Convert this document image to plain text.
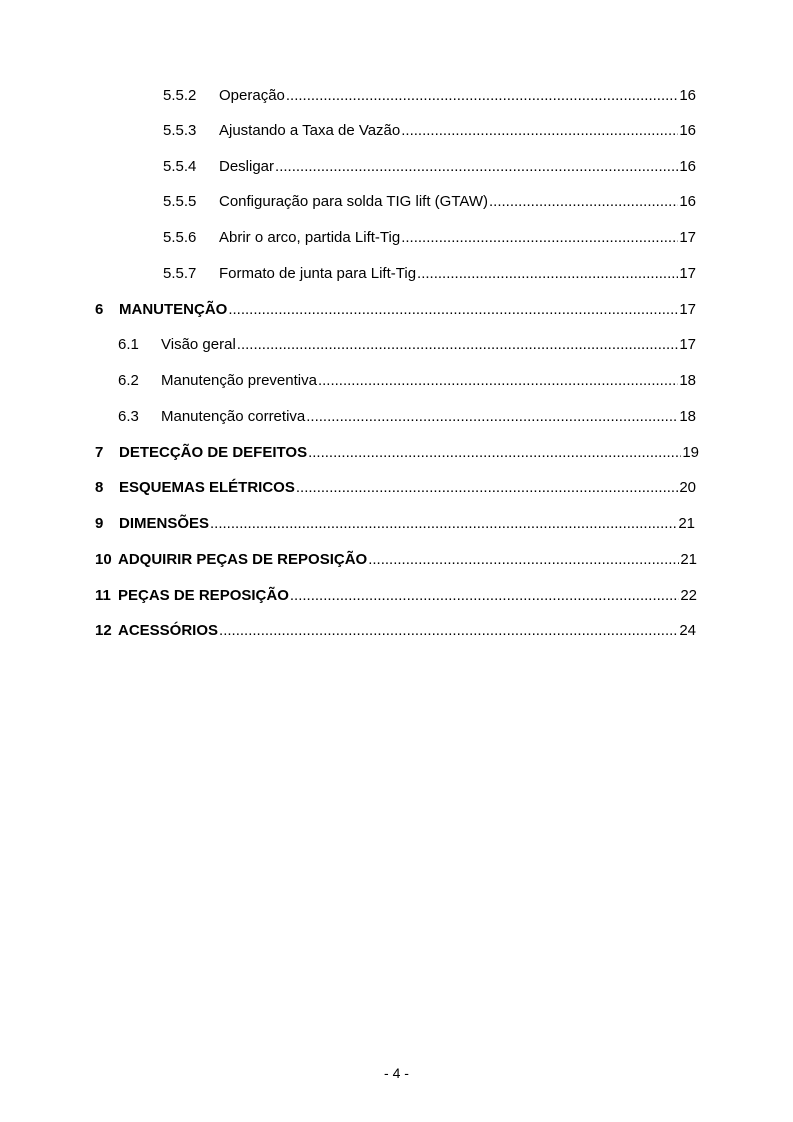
5.5.2	Operação .....	16
5.5.3	Ajustando a Taxa de Vazão .....	16
5.5.4	Desligar .....	16
5.5.5	Configuração para solda TIG lift (GTAW) .....	16
5.5.6	Abrir o arco, partida Lift-Tig .....	17
5.5.7	Formato de junta para Lift-Tig .....	17
6	MANUTENÇÃO .....	17
6.1	Visão geral .....	17
6.2	Manutenção preventiva .....	18
6.3	Manutenção corretiva .....	18
7	DETECÇÃO DE DEFEITOS .....	19
8	ESQUEMAS ELÉTRICOS .....	20
9	DIMENSÕES .....	21
10 ADQUIRIR PEÇAS DE REPOSIÇÃO .....	21
11 PEÇAS DE REPOSIÇÃO .....	22
12 ACESSÓRIOS .....	24
- 4 -
